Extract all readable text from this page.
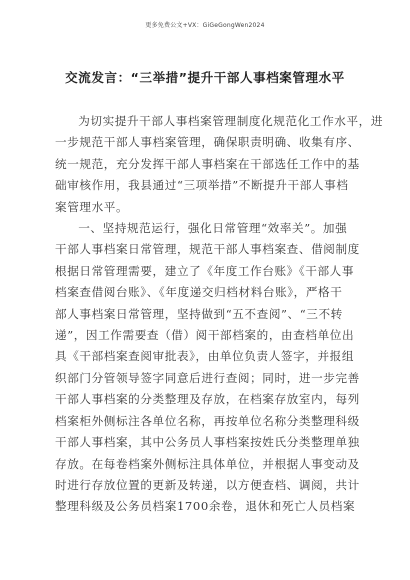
更多免费公文+VX：GiGeGongWen2024
交流发言：“三举措”提升干部人事档案管理水平

为切实提升干部人事档案管理制度化规范化工作水平，进
一步规范干部人事档案管理，确保职责明确、收集有序、
统一规范，充分发挥干部人事档案在干部选任工作中的基
础审核作用，我县通过“三项举措”不断提升干部人事档
案管理水平。

一、坚持规范运行，强化日常管理“效率关”。加强
干部人事档案日常管理，规范干部人事档案查、借阅制度
根据日常管理需要，建立了《年度工作台账》《干部人事
档案查借阅台账》、《年度递交归档材料台账》，严格干
部人事档案日常管理，坚持做到“五不查阅”、“三不转
递”，因工作需要查（借）阅干部档案的，由查档单位出
具《干部档案查阅审批表》，由单位负责人签字，并报组
织部门分管领导签字同意后进行查阅；同时，进一步完善
干部人事档案的分类整理及存放，在档案存放室内，每列
档案柜外侧标注各单位名称，再按单位名称分类整理科级
干部人事档案，其中公务员人事档案按姓氏分类整理单独
存放。在每卷档案外侧标注具体单位，并根据人事变动及
时进行存放位置的更新及转递，以方便查档、调阅，共计
整理科级及公务员档案1700余卷，退休和死亡人员档案
